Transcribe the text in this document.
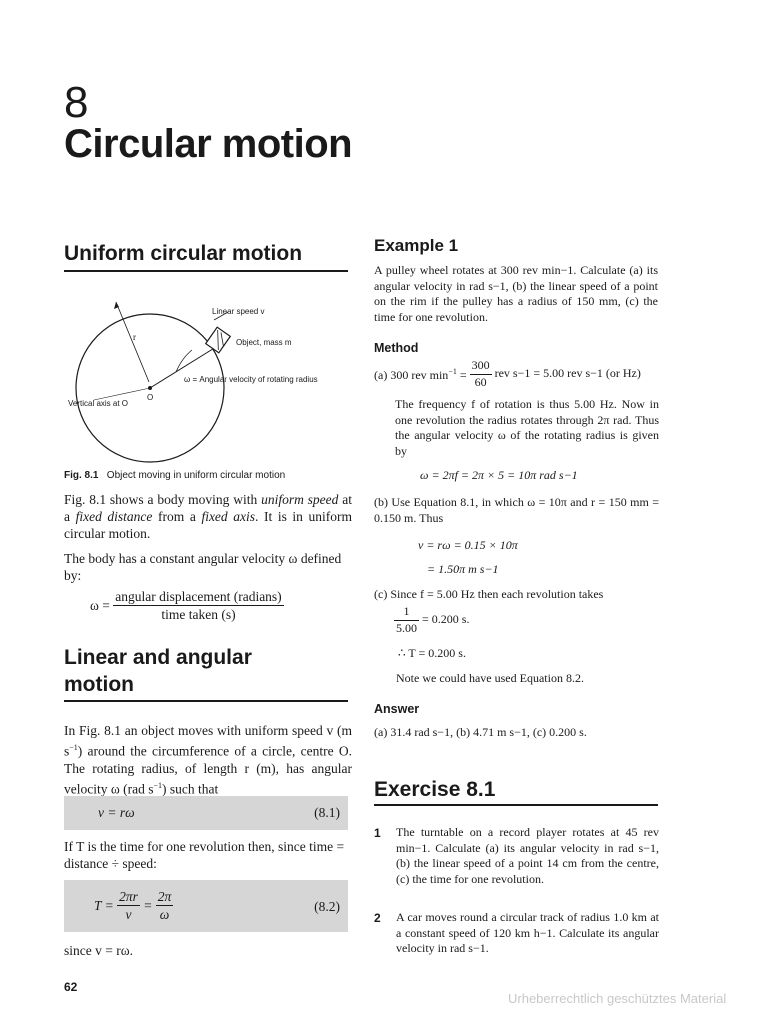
8
Circular motion
Uniform circular motion
Linear speed v
Object, mass m
r
O
ω = Angular velocity of rotating radius
Vertical axis at O
Fig. 8.1 Object moving in uniform circular motion
Fig. 8.1 shows a body moving with uniform speed at a fixed distance from a fixed axis. It is in uniform circular motion.
The body has a constant angular velocity ω defined by:
$\omega = \frac{\text{angular displacement (radians)}}{\text{time taken (s)}}$
Linear and angular
motion
In Fig. 8.1 an object moves with uniform speed v (m $s^{-1}$) around the circumference of a circle, centre O. The rotating radius, of length r (m), has angular velocity ω (rad $s^{-1}$) such that
v = rω	(8.1)
If T is the time for one revolution then, since time = distance ÷ speed:
$T = \frac{2\pi r}{v} = \frac{2\pi}{\omega}$	(8.2)
since v = rω.
Example 1
A pulley wheel rotates at 300 rev min−1. Calculate (a) its angular velocity in rad s−1, (b) the linear speed of a point on the rim if the pulley has a radius of 150 mm, (c) the time for one revolution.
Method
(a) 300 rev $\min^{-1} = \frac{300}{60}$ rev s−1 = 5.00 rev s−1 (or Hz)
The frequency f of rotation is thus 5.00 Hz. Now in one revolution the radius rotates through 2π rad. Thus the angular velocity ω of the rotating radius is given by
ω = 2πf = 2π × 5 = 10π rad s−1
(b) Use Equation 8.1, in which ω = 10π and r = 150 mm = 0.150 m. Thus
v = rω = 0.15 × 10π
= 1.50π m s−1
(c) Since f = 5.00 Hz then each revolution takes
$\frac{1}{5.00} = 0.200$ s.
∴ T = 0.200 s.
Note we could have used Equation 8.2.
Answer
(a) 31.4 rad s−1, (b) 4.71 m s−1, (c) 0.200 s.
Exercise 8.1
1 The turntable on a record player rotates at 45 rev min−1. Calculate (a) its angular velocity in rad s−1, (b) the linear speed of a point 14 cm from the centre, (c) the time for one revolution.
2 A car moves round a circular track of radius 1.0 km at a constant speed of 120 km h−1. Calculate its angular velocity in rad s−1.
62
Urheberrechtlich geschütztes Material
